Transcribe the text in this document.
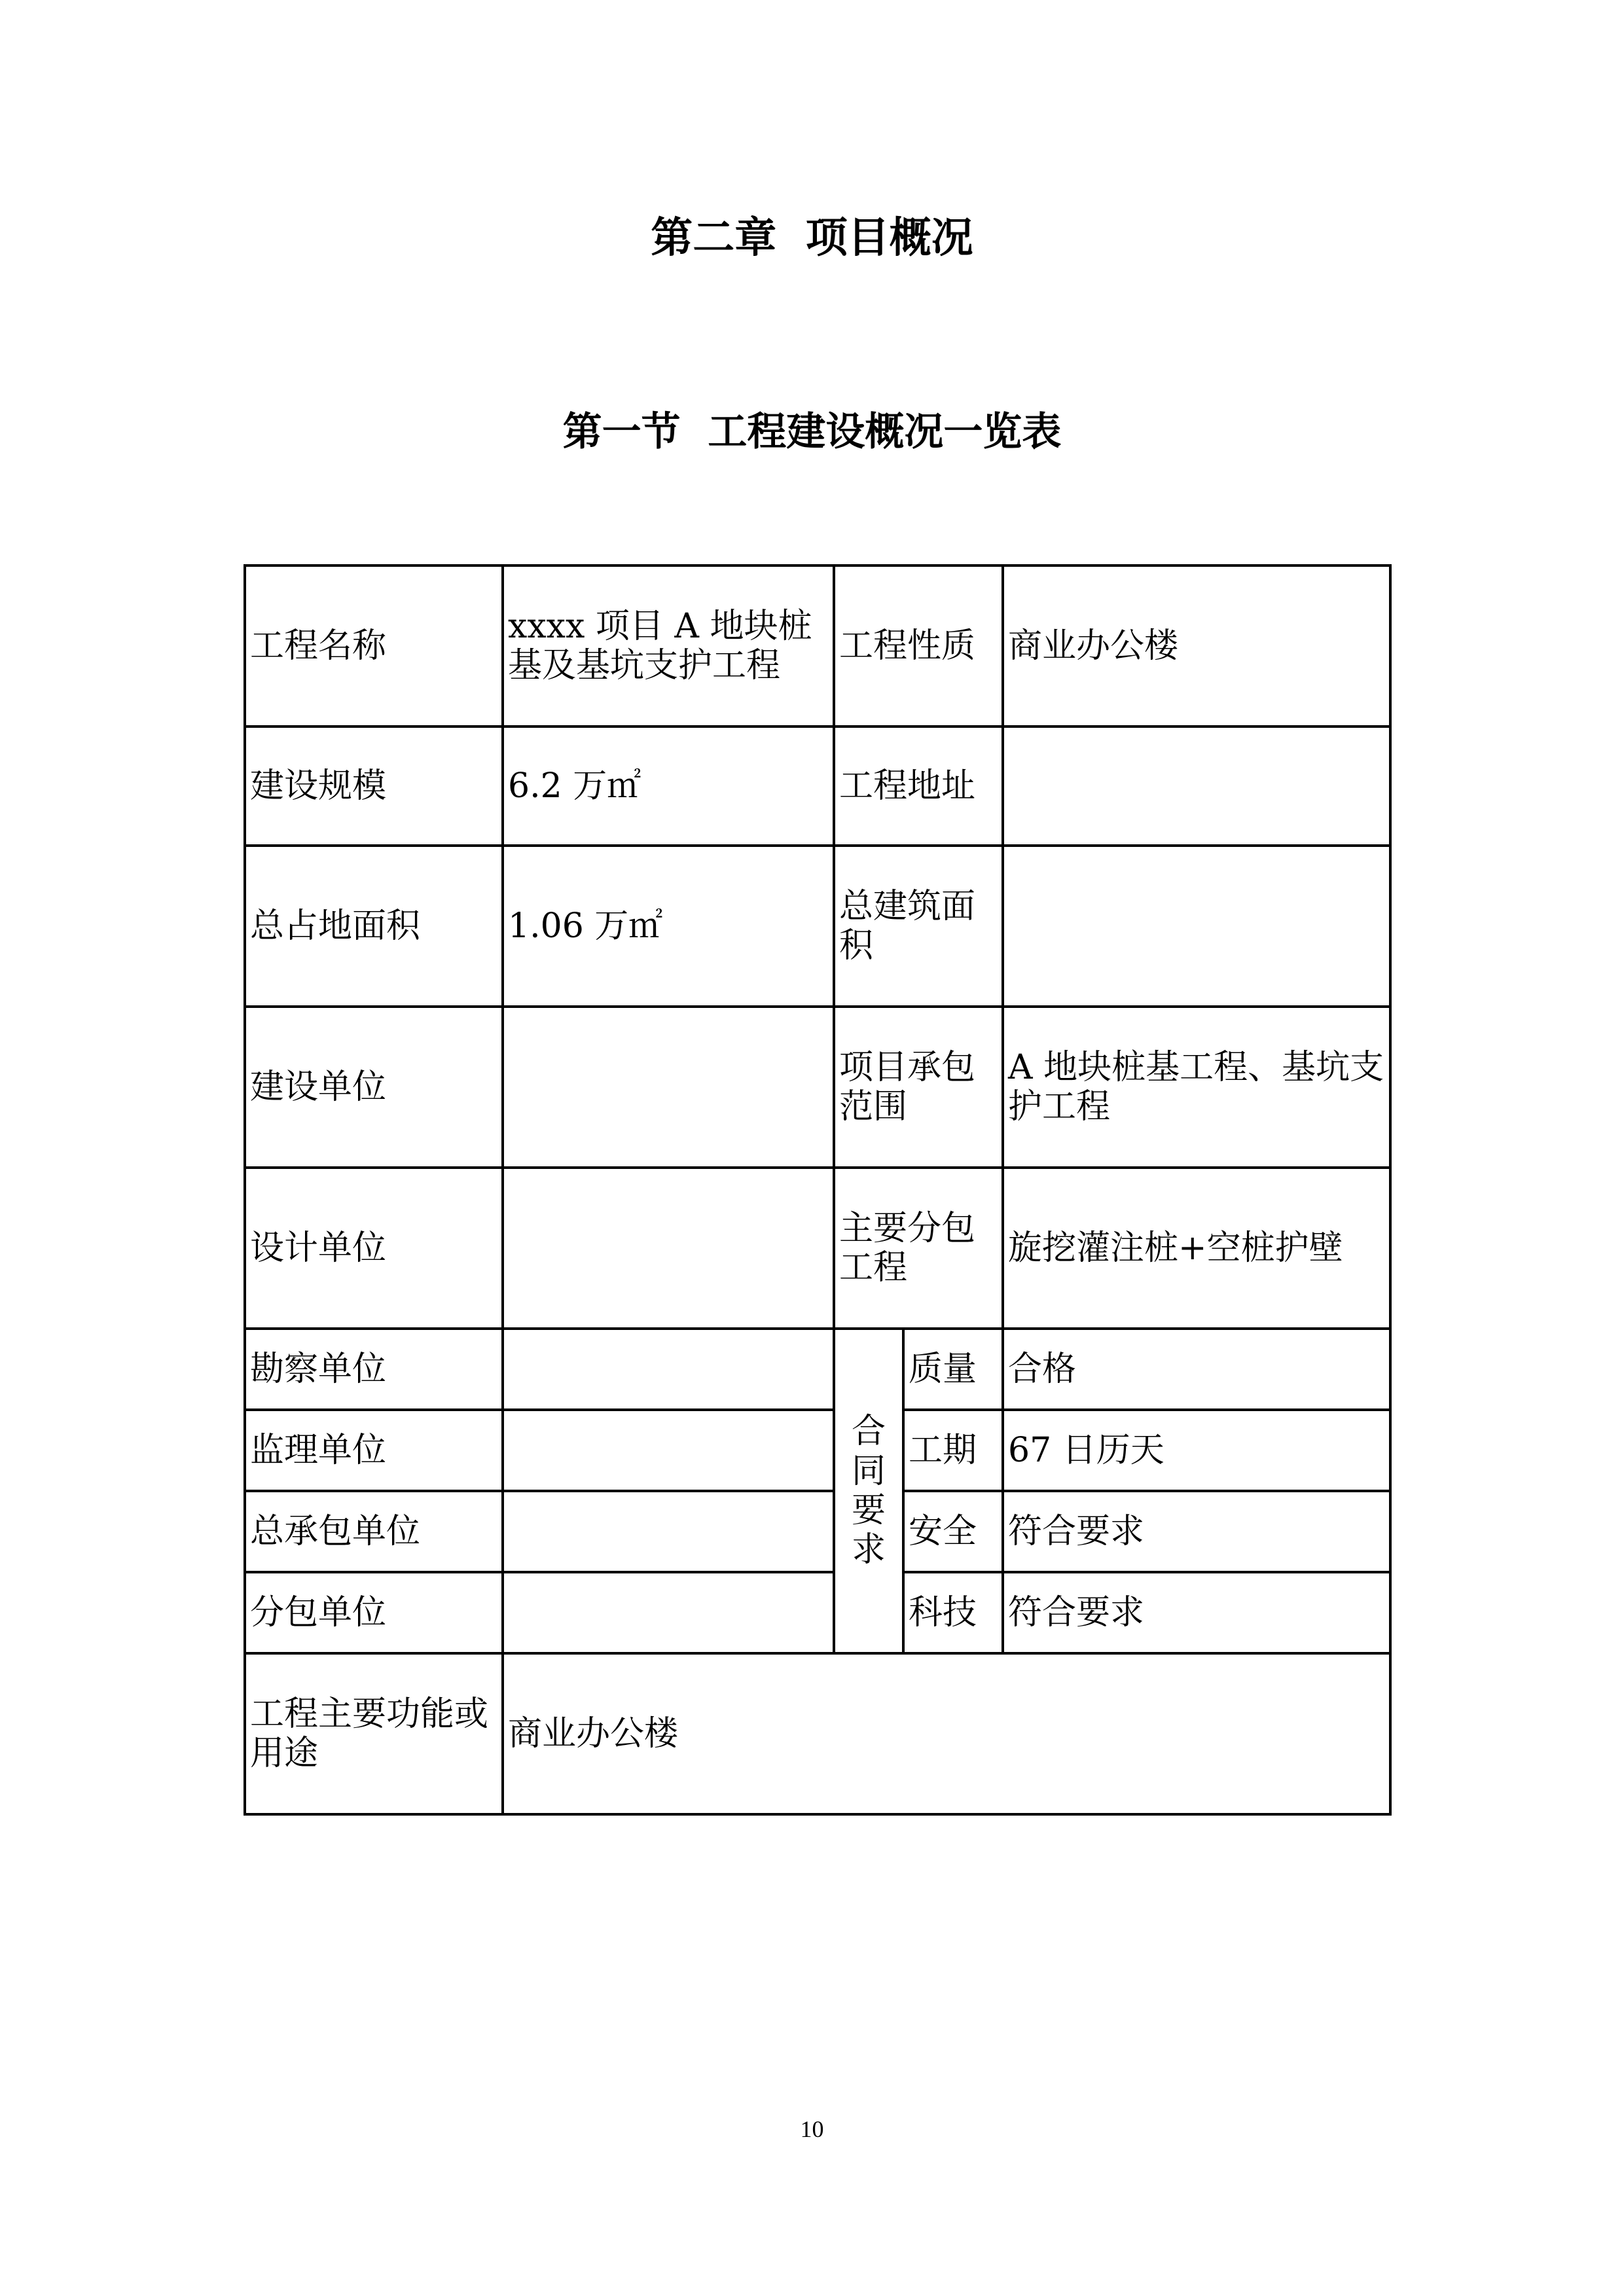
第二章  项目概况
第一节  工程建设概况一览表
工程名称	xxxx 项目 A 地块桩基及基坑支护工程	工程性质		商业办公楼
建设规模	6.2 万㎡	工程地址		
总占地面积	1.06 万㎡	总建筑面积		
建设单位		项目承包范围		A 地块桩基工程、基坑支护工程
设计单位		主要分包工程		旋挖灌注桩+空桩护壁
勘察单位		合同要求	质量	合格
监理单位			工期	67 日历天
总承包单位			安全	符合要求
分包单位			科技	符合要求
工程主要功能或用途	商业办公楼			
10
